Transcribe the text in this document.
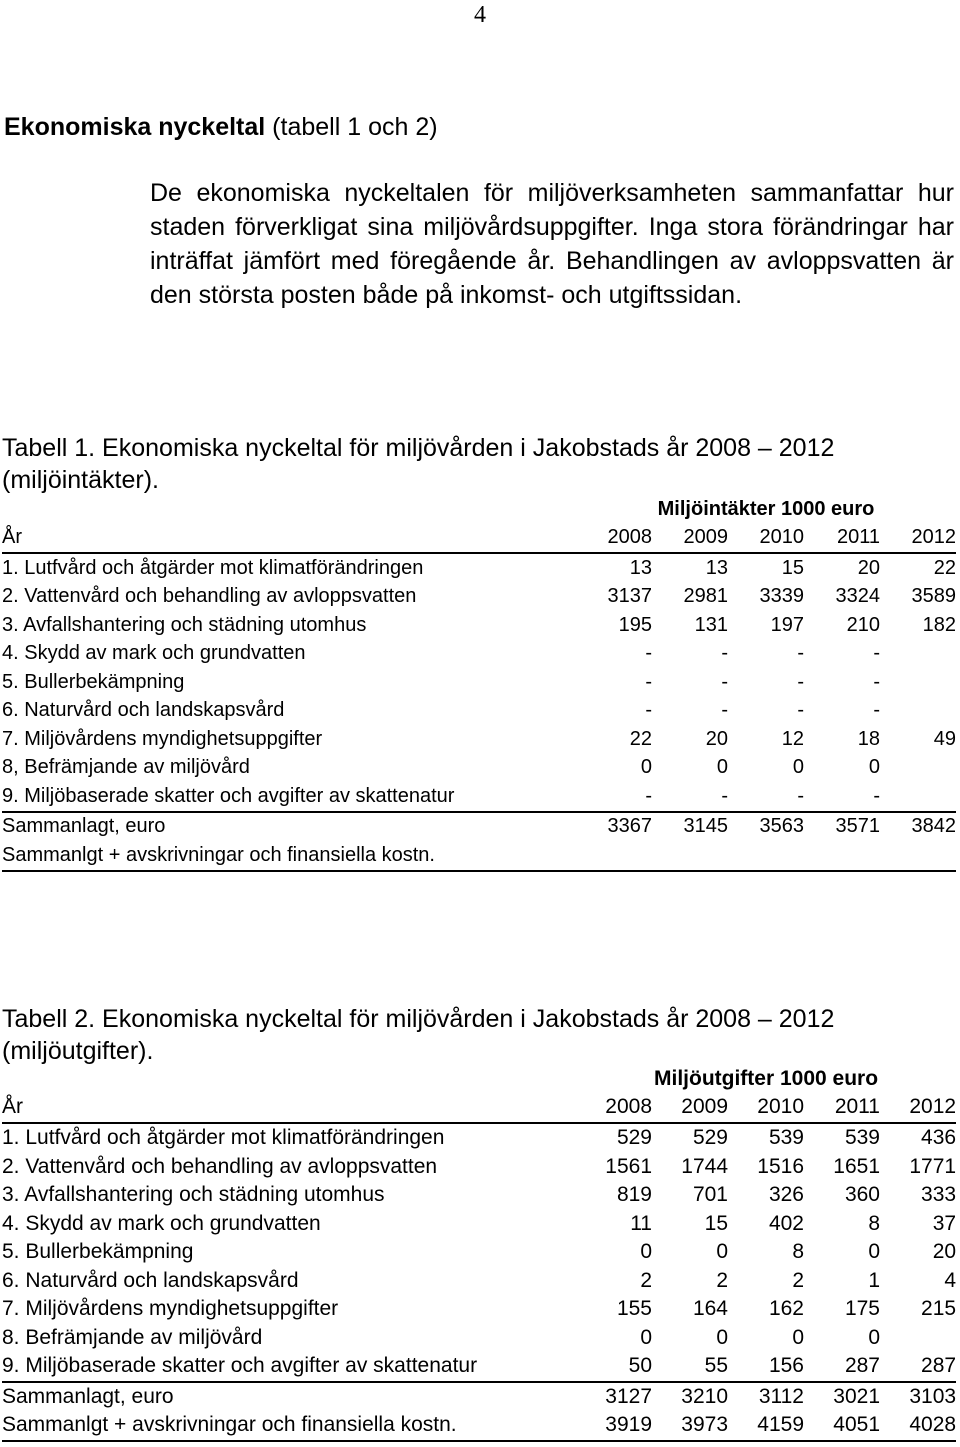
4
Ekonomiska nyckeltal (tabell 1 och 2)

De ekonomiska nyckeltalen för miljöverksamheten sammanfattar hur staden förverkligat sina miljövårdsuppgifter. Inga stora förändringar har inträffat jämfört med föregående år. Behandlingen av avloppsvatten är den största posten både på inkomst- och utgiftssidan.

Tabell 1. Ekonomiska nyckeltal för miljövården i Jakobstads år 2008 – 2012 (miljöintäkter).

	Miljöintäkter 1000 euro				
År	2008	2009	2010	2011	2012
1. Lutfvård och åtgärder mot klimatförändringen	13	13	15	20	22
2. Vattenvård och behandling av avloppsvatten	3137	2981	3339	3324	3589
3. Avfallshantering och städning utomhus	195	131	197	210	182
4. Skydd av mark och grundvatten	-	-	-	-	
5. Bullerbekämpning	-	-	-	-	
6. Naturvård och landskapsvård	-	-	-	-	
7. Miljövårdens myndighetsuppgifter	22	20	12	18	49
8, Befrämjande av miljövård	0	0	0	0	
9. Miljöbaserade skatter och avgifter av skattenatur	-	-	-	-	
Sammanlagt, euro	3367	3145	3563	3571	3842
Sammanlgt + avskrivningar och finansiella kostn.					

Tabell 2. Ekonomiska nyckeltal för miljövården i Jakobstads år 2008 – 2012 (miljöutgifter).

	Miljöutgifter 1000 euro				
År	2008	2009	2010	2011	2012
1. Lutfvård och åtgärder mot klimatförändringen	529	529	539	539	436
2. Vattenvård och behandling av avloppsvatten	1561	1744	1516	1651	1771
3. Avfallshantering och städning utomhus	819	701	326	360	333
4. Skydd av mark och grundvatten	11	15	402	8	37
5. Bullerbekämpning	0	0	8	0	20
6. Naturvård och landskapsvård	2	2	2	1	4
7. Miljövårdens myndighetsuppgifter	155	164	162	175	215
8. Befrämjande av miljövård	0	0	0	0	
9. Miljöbaserade skatter och avgifter av skattenatur	50	55	156	287	287
Sammanlagt, euro	3127	3210	3112	3021	3103
Sammanlgt + avskrivningar och finansiella kostn.	3919	3973	4159	4051	4028
